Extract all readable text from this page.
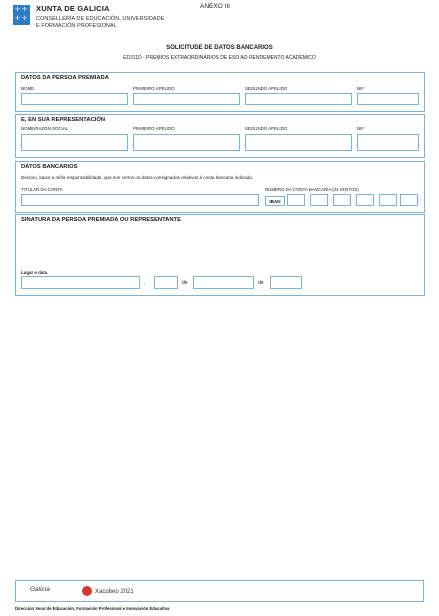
✛ ✛
✛ ✛
XUNTA DE GALICIA
CONSELLERÍA DE EDUCACIÓN, UNIVERSIDADE
E FORMACIÓN PROFESIONAL
ANEXO III
SOLICITUDE DE DATOS BANCARIOS
ED311D - PREMIOS EXTRAORDINARIOS DE ESO AO RENDEMENTO ACADÉMICO
DATOS DA PERSOA PREMIADA
NOME	PRIMEIRO APELIDO	SEGUNDO APELIDO	NIF
E, EN SUA REPRESENTACIÓN
NOME/RAZÓN SOCIAL	PRIMEIRO APELIDO	SEGUNDO APELIDO	NIF
DATOS BANCARIOS
Declaro, baixo a miña responsabilidade, que son certos os datos consignados relativos á conta bancaria indicada.
TITULAR DA CONTA	NÚMERO DA CONTA BANCARIA (24 DÍXITOS)
IBAN
SINATURA DA PERSOA PREMIADA OU REPRESENTANTE
Lugar e data
,	de	de
Galicia	Xacobeo 2021
Dirección Xeral de Educación, Formación Profesional e Innovación Educativa
